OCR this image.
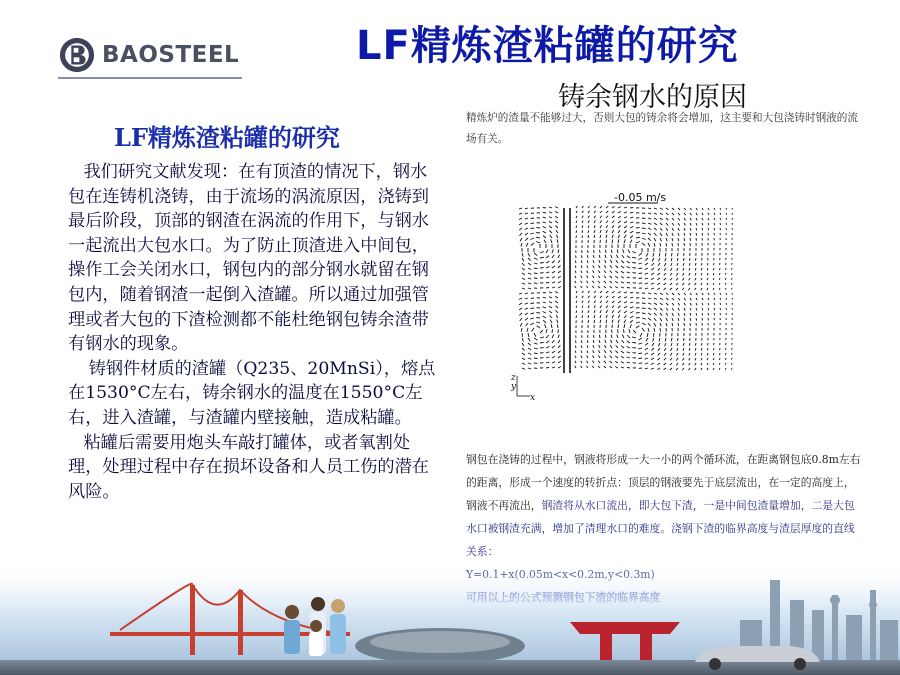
BAOSTEEL	LF精炼渣粘罐的研究
铸余钢水的原因
LF精炼渣粘罐的研究

我们研究文献发现：在有顶渣的情况下，钢水包在连铸机浇铸，由于流场的涡流原因，浇铸到最后阶段，顶部的钢渣在涡流的作用下，与钢水一起流出大包水口。为了防止顶渣进入中间包，操作工会关闭水口，钢包内的部分钢水就留在钢包内，随着钢渣一起倒入渣罐。所以通过加强管理或者大包的下渣检测都不能杜绝钢包铸余渣带有钢水的现象。

铸钢件材质的渣罐（Q235、20MnSi），熔点在1530°C左右，铸余钢水的温度在1550°C左右，进入渣罐，与渣罐内壁接触，造成粘罐。

粘罐后需要用炮头车敲打罐体，或者氧割处理，处理过程中存在损坏设备和人员工伤的潜在风险。

精炼炉的渣量不能够过大，否则大包的铸余将会增加，这主要和大包浇铸时钢液的流场有关。
-0.05 m/s
z
y
x
钢包在浇铸的过程中，钢液将形成一大一小的两个循环流，在距离钢包底0.8m左右的距离，形成一个速度的转折点：顶层的钢液要先于底层流出，在一定的高度上，钢液不再流出，钢渣将从水口流出，即大包下渣，一是中间包渣量增加，二是大包水口被钢渣充满，增加了清理水口的难度。浇钢下渣的临界高度与渣层厚度的直线关系：
